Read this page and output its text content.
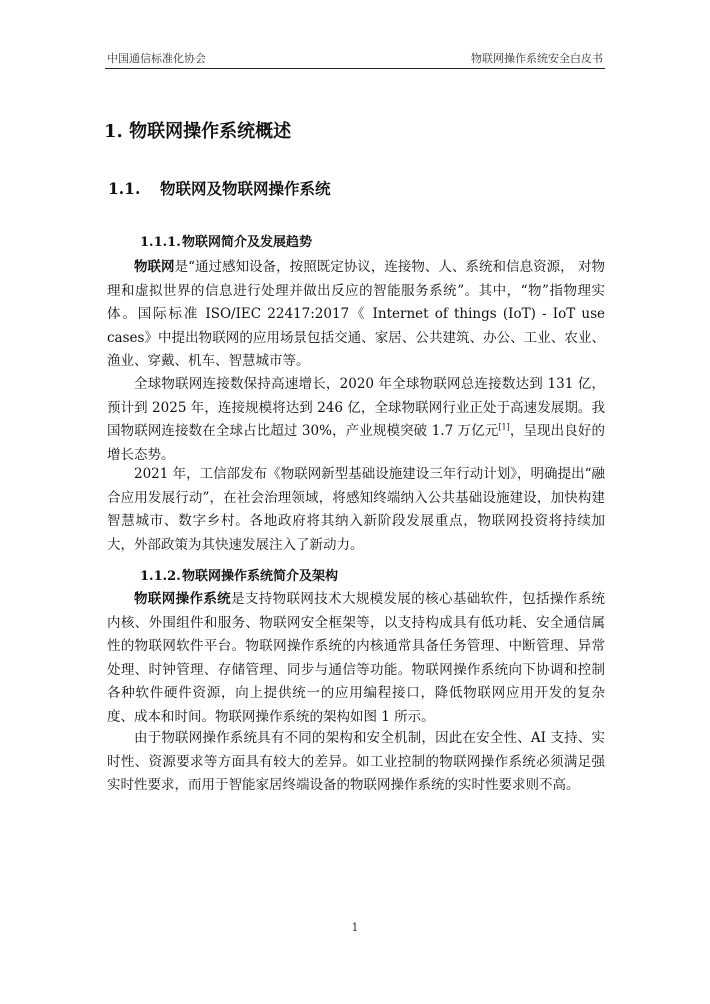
中国通信标准化协会	物联网操作系统安全白皮书
1. 物联网操作系统概述
1.1. 物联网及物联网操作系统
1.1.1.物联网简介及发展趋势

物联网是“通过感知设备，按照既定协议，连接物、人、系统和信息资源， 对物理和虚拟世界的信息进行处理并做出反应的智能服务系统”。其中，“物”指物理实体。国际标准 ISO/IEC 22417:2017《 Internet of things (IoT) - IoT use cases》中提出物联网的应用场景包括交通、家居、公共建筑、办公、工业、农业、渔业、穿戴、机车、智慧城市等。

全球物联网连接数保持高速增长，2020 年全球物联网总连接数达到 131 亿，预计到 2025 年，连接规模将达到 246 亿，全球物联网行业正处于高速发展期。我国物联网连接数在全球占比超过 30%，产业规模突破 1.7 万亿元[1]，呈现出良好的增长态势。

2021 年，工信部发布《物联网新型基础设施建设三年行动计划》，明确提出“融合应用发展行动”，在社会治理领域，将感知终端纳入公共基础设施建设，加快构建智慧城市、数字乡村。各地政府将其纳入新阶段发展重点，物联网投资将持续加大，外部政策为其快速发展注入了新动力。

1.1.2.物联网操作系统简介及架构

物联网操作系统是支持物联网技术大规模发展的核心基础软件，包括操作系统内核、外围组件和服务、物联网安全框架等，以支持构成具有低功耗、安全通信属性的物联网软件平台。物联网操作系统的内核通常具备任务管理、中断管理、异常处理、时钟管理、存储管理、同步与通信等功能。物联网操作系统向下协调和控制各种软件硬件资源，向上提供统一的应用编程接口，降低物联网应用开发的复杂度、成本和时间。物联网操作系统的架构如图 1 所示。

由于物联网操作系统具有不同的架构和安全机制，因此在安全性、AI 支持、实时性、资源要求等方面具有较大的差异。如工业控制的物联网操作系统必须满足强实时性要求，而用于智能家居终端设备的物联网操作系统的实时性要求则不高。

1
